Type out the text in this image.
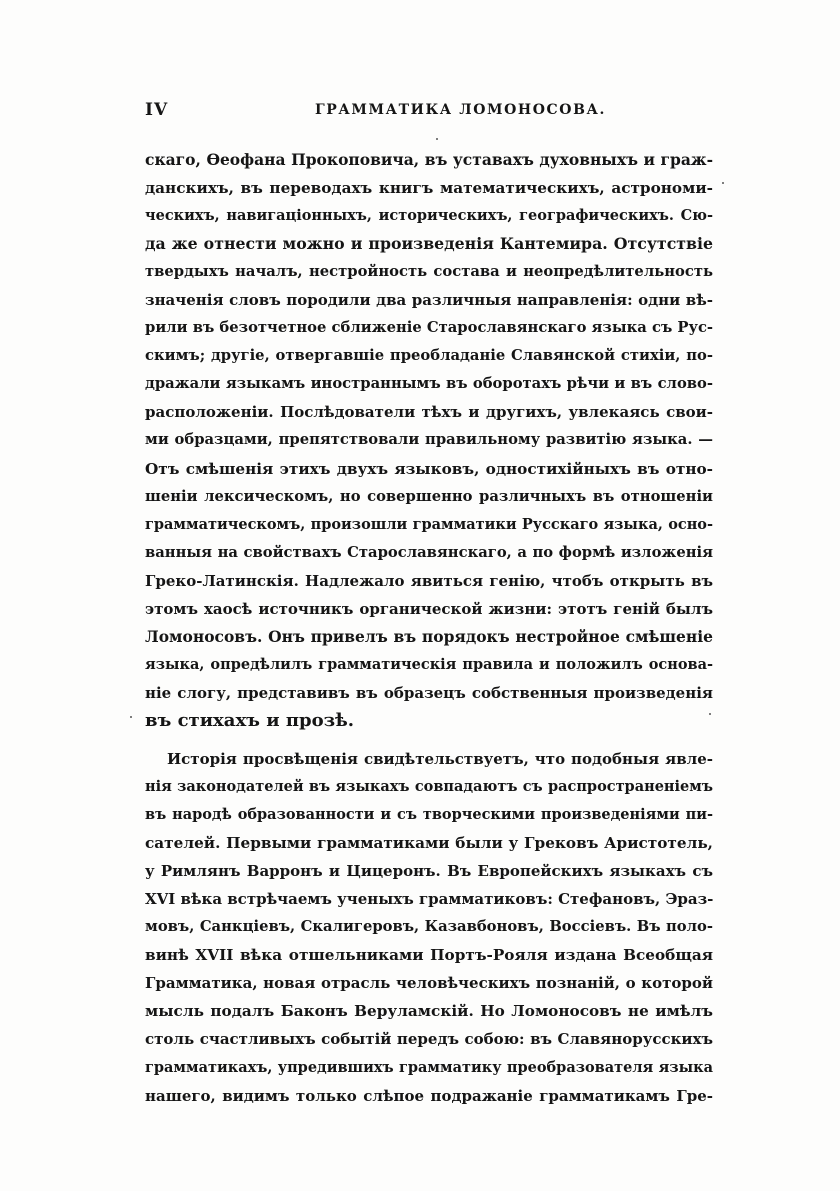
IV	ГРАММАТИКА ЛОМОНОСОВА.
скаго, Өеофана Прокоповича, въ уставахъ духовныхъ и граж-
данскихъ, въ переводахъ книгъ математическихъ, астрономи-
ческихъ, навигаціонныхъ, историческихъ, географическихъ. Сю-
да же отнести можно и произведенія Кантемира. Отсутствіе
твердыхъ началъ, нестройность состава и неопредѣлительность
значенія словъ породили два различныя направленія: одни вѣ-
рили въ безотчетное сближеніе Старославянскаго языка съ Рус-
скимъ; другіе, отвергавшіе преобладаніе Славянской стихіи, по-
дражали языкамъ иностраннымъ въ оборотахъ рѣчи и въ слово-
расположеніи. Послѣдователи тѣхъ и другихъ, увлекаясь свои-
ми образцами, препятствовали правильному развитію языка. —
Отъ смѣшенія этихъ двухъ языковъ, одностихійныхъ въ отно-
шеніи лексическомъ, но совершенно различныхъ въ отношеніи
грамматическомъ, произошли грамматики Русскаго языка, осно-
ванныя на свойствахъ Старославянскаго, а по формѣ изложенія
Греко-Латинскія. Надлежало явиться генію, чтобъ открыть въ
этомъ хаосѣ источникъ органической жизни: этотъ геній былъ
Ломоносовъ. Онъ привелъ въ порядокъ нестройное смѣшеніе
языка, опредѣлилъ грамматическія правила и положилъ основа-
ніе слогу, представивъ въ образецъ собственныя произведенія
въ стихахъ и прозѣ.
Исторія просвѣщенія свидѣтельствуетъ, что подобныя явле-
нія законодателей въ языкахъ совпадаютъ съ распространеніемъ
въ народѣ образованности и съ творческими произведеніями пи-
сателей. Первыми грамматиками были у Грековъ Аристотель,
у Римлянъ Варронъ и Цицеронъ. Въ Европейскихъ языкахъ съ
XVI вѣка встрѣчаемъ ученыхъ грамматиковъ: Стефановъ, Эраз-
мовъ, Санкціевъ, Скалигеровъ, Казавбоновъ, Воссіевъ. Въ поло-
винѣ XVII вѣка отшельниками Портъ-Рояля издана Всеобщая
Грамматика, новая отрасль человѣческихъ познаній, о которой
мысль подалъ Баконъ Веруламскій. Но Ломоносовъ не имѣлъ
столь счастливыхъ событій передъ собою: въ Славянорусскихъ
грамматикахъ, упредившихъ грамматику преобразователя языка
нашего, видимъ только слѣпое подражаніе грамматикамъ Гре-
